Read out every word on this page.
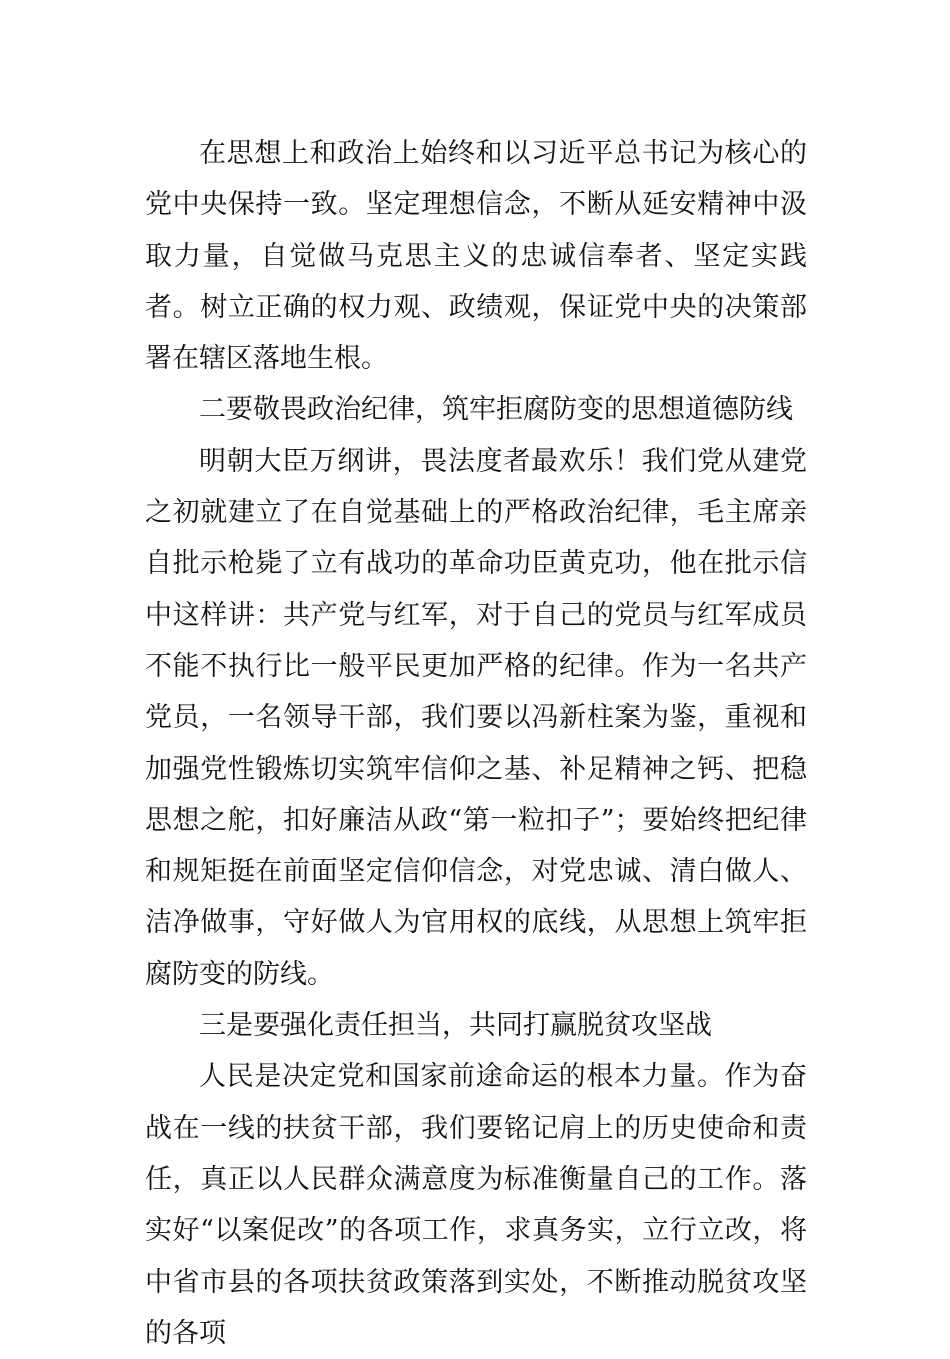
在思想上和政治上始终和以习近平总书记为核心的党中央保持一致。坚定理想信念，不断从延安精神中汲取力量，自觉做马克思主义的忠诚信奉者、坚定实践者。树立正确的权力观、政绩观，保证党中央的决策部署在辖区落地生根。

二要敬畏政治纪律，筑牢拒腐防变的思想道德防线

明朝大臣万纲讲，畏法度者最欢乐！我们党从建党之初就建立了在自觉基础上的严格政治纪律，毛主席亲自批示枪毙了立有战功的革命功臣黄克功，他在批示信中这样讲：共产党与红军，对于自己的党员与红军成员不能不执行比一般平民更加严格的纪律。作为一名共产党员，一名领导干部，我们要以冯新柱案为鉴，重视和加强党性锻炼切实筑牢信仰之基、补足精神之钙、把稳思想之舵，扣好廉洁从政“第一粒扣子”；要始终把纪律和规矩挺在前面坚定信仰信念，对党忠诚、清白做人、洁净做事，守好做人为官用权的底线，从思想上筑牢拒腐防变的防线。

三是要强化责任担当，共同打赢脱贫攻坚战

人民是决定党和国家前途命运的根本力量。作为奋战在一线的扶贫干部，我们要铭记肩上的历史使命和责任，真正以人民群众满意度为标准衡量自己的工作。落实好“以案促改”的各项工作，求真务实，立行立改，将中省市县的各项扶贫政策落到实处，不断推动脱贫攻坚的各项
